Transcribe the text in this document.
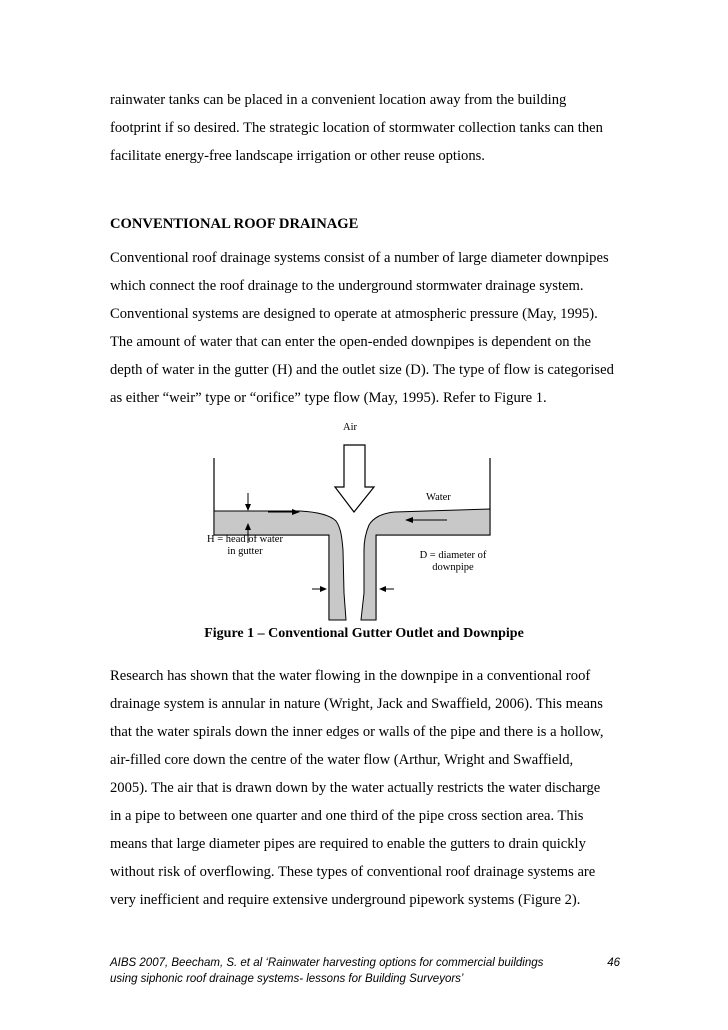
rainwater tanks can be placed in a convenient location away from the building
footprint if so desired. The strategic location of stormwater collection tanks can then
facilitate energy-free landscape irrigation or other reuse options.
CONVENTIONAL ROOF DRAINAGE
Conventional roof drainage systems consist of a number of large diameter downpipes
which connect the roof drainage to the underground stormwater drainage system.
Conventional systems are designed to operate at atmospheric pressure (May, 1995).
The amount of water that can enter the open-ended downpipes is dependent on the
depth of water in the gutter (H) and the outlet size (D). The type of flow is categorised
as either “weir” type or “orifice” type flow (May, 1995). Refer to Figure 1.
Air
Water
H = head of water
in gutter	D = diameter of
downpipe
Figure 1 – Conventional Gutter Outlet and Downpipe
Research has shown that the water flowing in the downpipe in a conventional roof
drainage system is annular in nature (Wright, Jack and Swaffield, 2006). This means
that the water spirals down the inner edges or walls of the pipe and there is a hollow,
air-filled core down the centre of the water flow (Arthur, Wright and Swaffield,
2005). The air that is drawn down by the water actually restricts the water discharge
in a pipe to between one quarter and one third of the pipe cross section area. This
means that large diameter pipes are required to enable the gutters to drain quickly
without risk of overflowing. These types of conventional roof drainage systems are
very inefficient and require extensive underground pipework systems (Figure 2).
AIBS 2007, Beecham, S. et al ‘Rainwater harvesting options for commercial buildings
using siphonic roof drainage systems- lessons for Building Surveyors’
46
